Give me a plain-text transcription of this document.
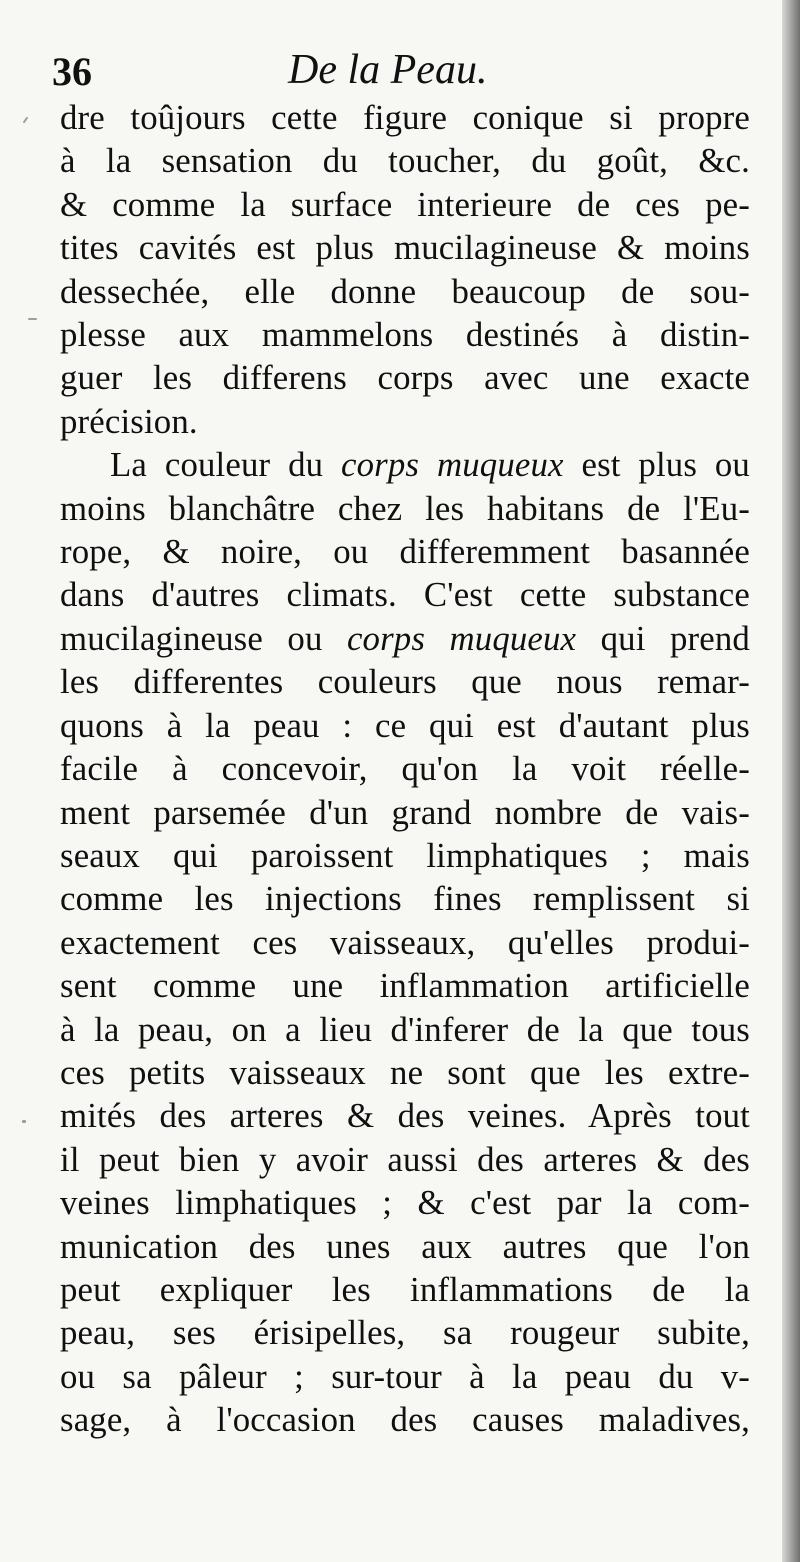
36	De la Peau.
dre toûjours cette figure conique si propre
à la sensation du toucher, du goût, &c.
& comme la surface interieure de ces pe-
tites cavités est plus mucilagineuse & moins
dessechée, elle donne beaucoup de sou-
plesse aux mammelons destinés à distin-
guer les differens corps avec une exacte
précision.
La couleur du corps muqueux est plus ou
moins blanchâtre chez les habitans de l'Eu-
rope, & noire, ou differemment basannée
dans d'autres climats. C'est cette substance
mucilagineuse ou corps muqueux qui prend
les differentes couleurs que nous remar-
quons à la peau : ce qui est d'autant plus
facile à concevoir, qu'on la voit réelle-
ment parsemée d'un grand nombre de vais-
seaux qui paroissent limphatiques ; mais
comme les injections fines remplissent si
exactement ces vaisseaux, qu'elles produi-
sent comme une inflammation artificielle
à la peau, on a lieu d'inferer de la que tous
ces petits vaisseaux ne sont que les extre-
mités des arteres & des veines. Après tout
il peut bien y avoir aussi des arteres & des
veines limphatiques ; & c'est par la com-
munication des unes aux autres que l'on
peut expliquer les inflammations de la
peau, ses érisipelles, sa rougeur subite,
ou sa pâleur ; sur-tour à la peau du v-
sage, à l'occasion des causes maladives,
